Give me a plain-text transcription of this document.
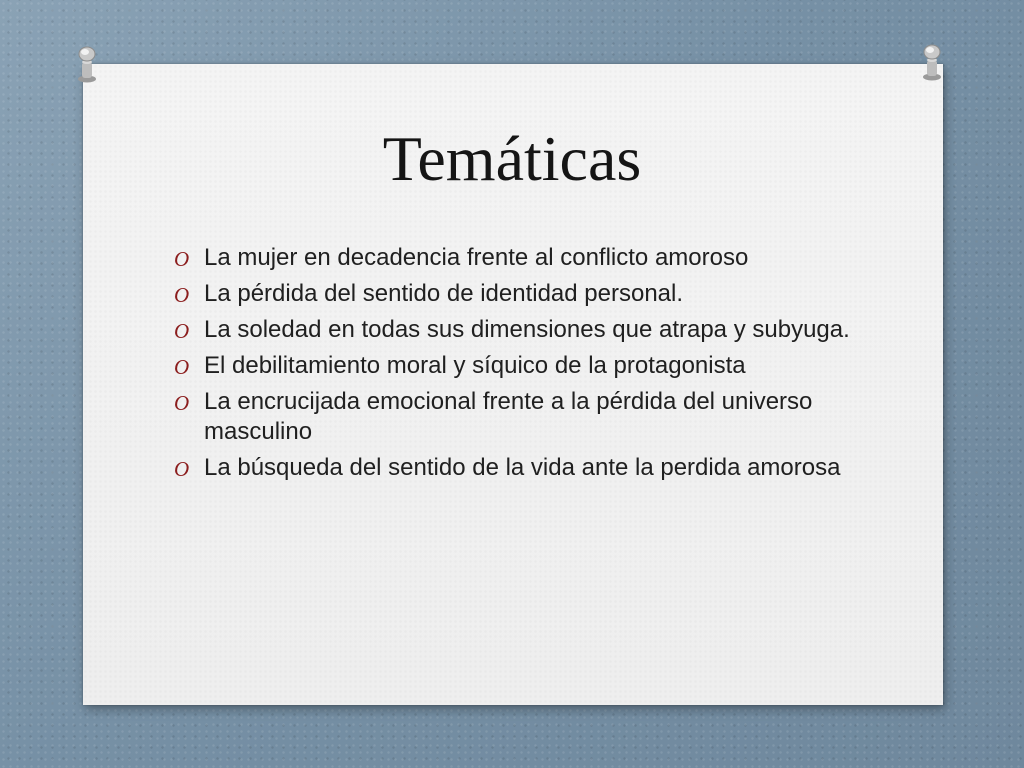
Temáticas
O La mujer en decadencia frente al conflicto amoroso
O La pérdida del sentido de identidad personal.
O La soledad en todas sus dimensiones que atrapa y subyuga.
O El debilitamiento moral y síquico de la protagonista
O La encrucijada emocional frente a la pérdida del universo masculino
O La búsqueda del sentido de la vida ante la perdida amorosa
